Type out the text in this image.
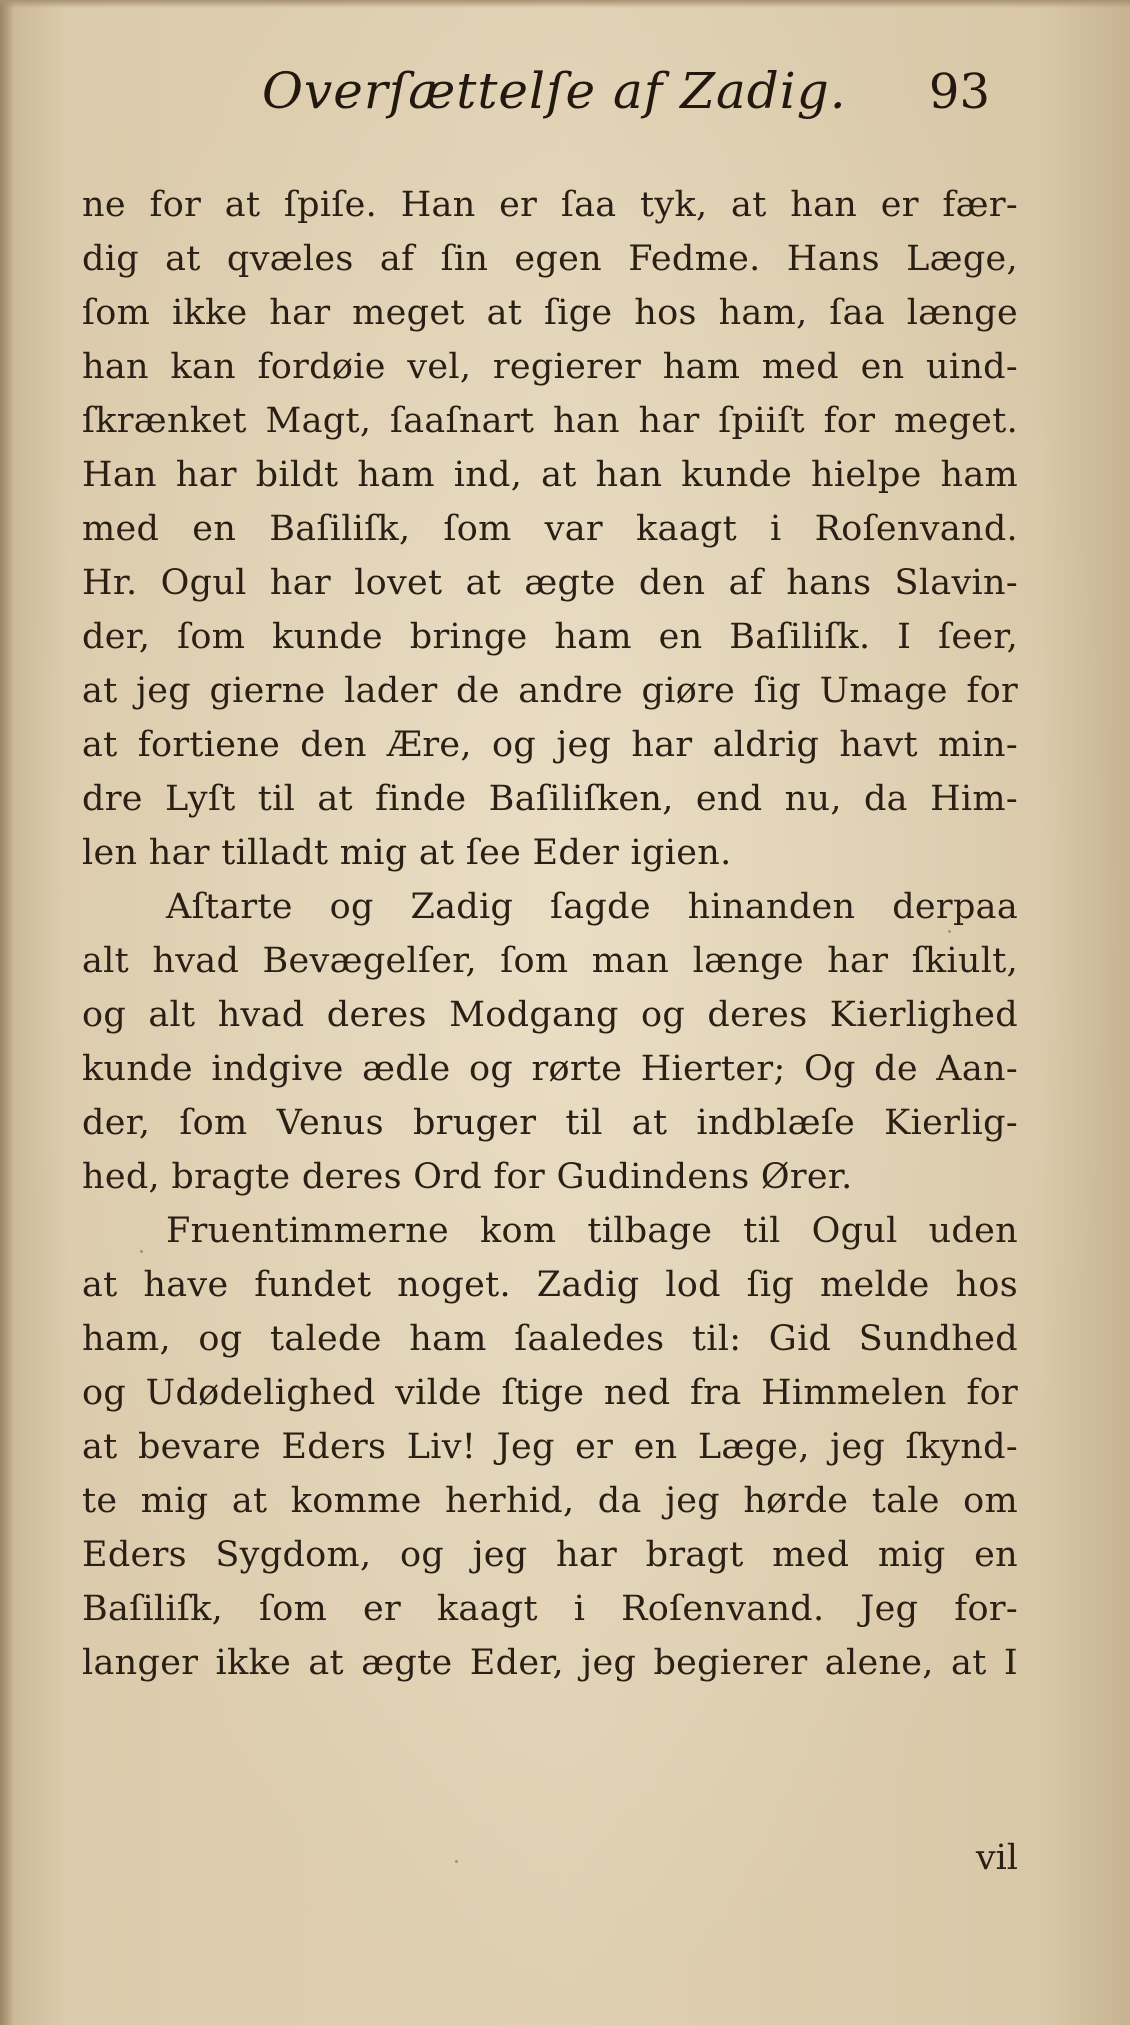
Overſættelſe af Zadig. 93
ne for at ſpiſe. Han er ſaa tyk, at han er fær-
dig at qvæles af ſin egen Fedme. Hans Læge,
ſom ikke har meget at ſige hos ham, ſaa længe
han kan fordøie vel, regierer ham med en uind-
ſkrænket Magt, ſaaſnart han har ſpiiſt for meget.
Han har bildt ham ind, at han kunde hielpe ham
med en Baſiliſk, ſom var kaagt i Roſenvand.
Hr. Ogul har lovet at ægte den af hans Slavin-
der, ſom kunde bringe ham en Baſiliſk. I ſeer,
at jeg gierne lader de andre giøre ſig Umage for
at fortiene den Ære, og jeg har aldrig havt min-
dre Lyſt til at finde Baſiliſken, end nu, da Him-
len har tilladt mig at ſee Eder igien.
Aſtarte og Zadig ſagde hinanden derpaa
alt hvad Bevægelſer, ſom man længe har ſkiult,
og alt hvad deres Modgang og deres Kierlighed
kunde indgive ædle og rørte Hierter; Og de Aan-
der, ſom Venus bruger til at indblæſe Kierlig-
hed, bragte deres Ord for Gudindens Ører.
Fruentimmerne kom tilbage til Ogul uden
at have fundet noget. Zadig lod ſig melde hos
ham, og talede ham ſaaledes til: Gid Sundhed
og Udødelighed vilde ſtige ned fra Himmelen for
at bevare Eders Liv! Jeg er en Læge, jeg ſkynd-
te mig at komme herhid, da jeg hørde tale om
Eders Sygdom, og jeg har bragt med mig en
Baſiliſk, ſom er kaagt i Roſenvand. Jeg for-
langer ikke at ægte Eder, jeg begierer alene, at I
vil
